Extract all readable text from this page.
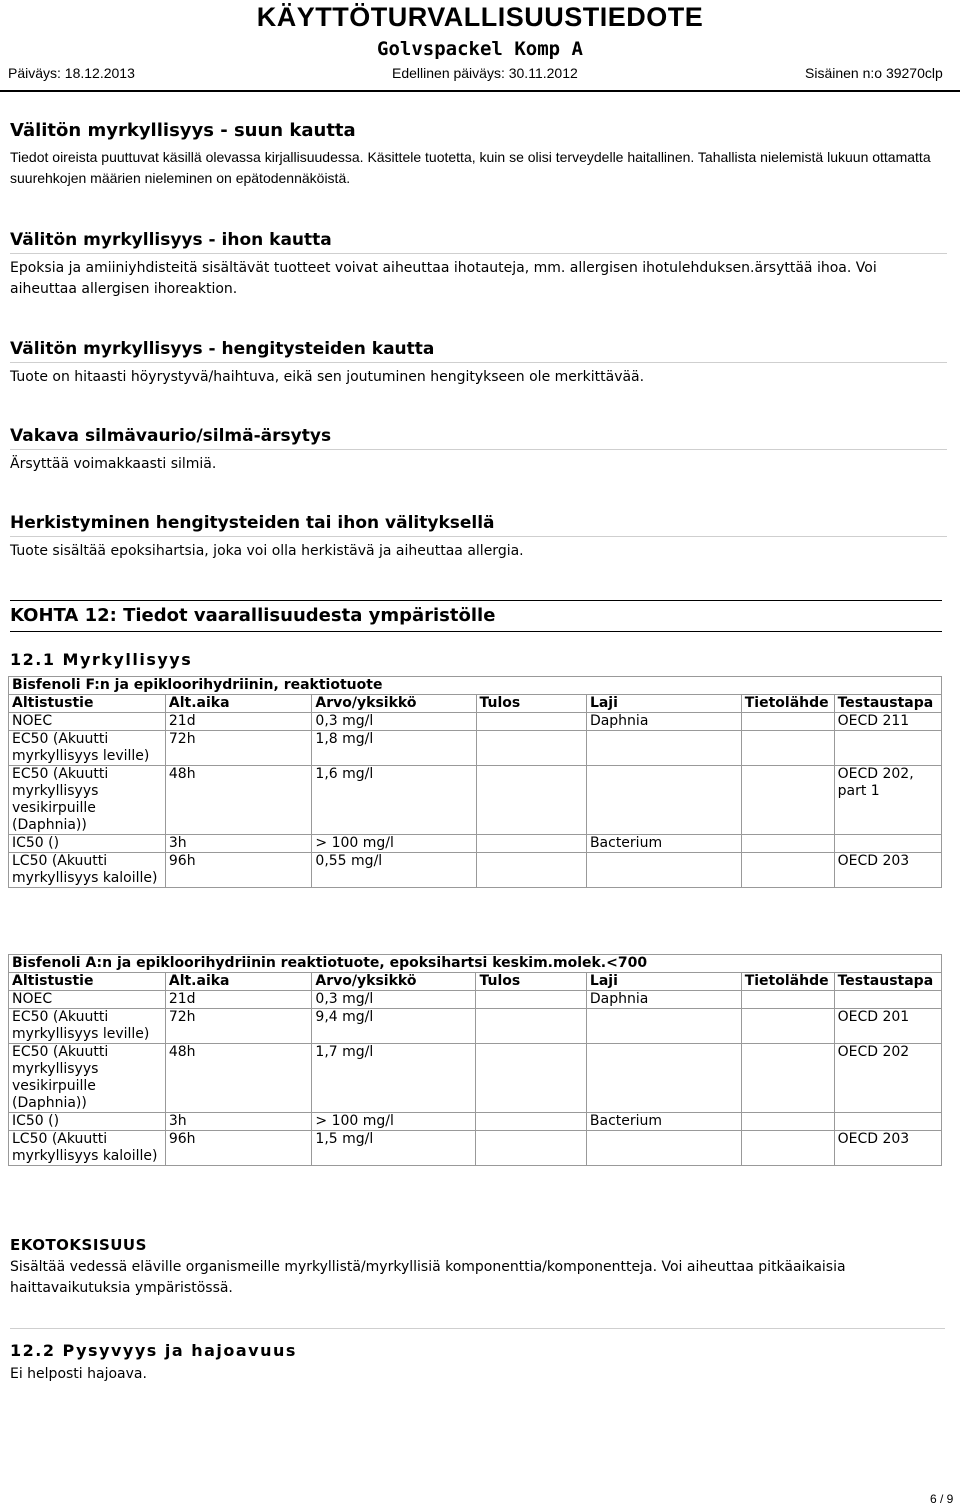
KÄYTTÖTURVALLISUUSTIEDOTE
Golvspackel Komp A
Päiväys: 18.12.2013	Edellinen päiväys: 30.11.2012	Sisäinen n:o 39270clp
Välitön myrkyllisyys - suun kautta

Tiedot oireista puuttuvat käsillä olevassa kirjallisuudessa. Käsittele tuotetta, kuin se olisi terveydelle haitallinen. Tahallista nielemistä lukuun ottamatta suurehkojen määrien nieleminen on epätodennäköistä.

Välitön myrkyllisyys - ihon kautta

Epoksia ja amiiniyhdisteitä sisältävät tuotteet voivat aiheuttaa ihotauteja, mm. allergisen ihotulehduksen.ärsyttää ihoa. Voi aiheuttaa allergisen ihoreaktion.

Välitön myrkyllisyys - hengitysteiden kautta

Tuote on hitaasti höyrystyvä/haihtuva, eikä sen joutuminen hengitykseen ole merkittävää.

Vakava silmävaurio/silmä-ärsytys

Ärsyttää voimakkaasti silmiä.

Herkistyminen hengitysteiden tai ihon välityksellä

Tuote sisältää epoksihartsia, joka voi olla herkistävä ja aiheuttaa allergia.

KOHTA 12: Tiedot vaarallisuudesta ympäristölle
12.1 Myrkyllisyys
Bisfenoli F:n ja epikloorihydriinin, reaktiotuote						
Altistustie	Alt.aika	Arvo/yksikkö	Tulos	Laji	Tietolähde	Testaustapa
NOEC	21d	0,3 mg/l		Daphnia		OECD 211
EC50 (Akuutti myrkyllisyys leville)	72h	1,8 mg/l				
EC50 (Akuutti myrkyllisyys vesikirpuille (Daphnia))	48h	1,6 mg/l				OECD 202, part 1
IC50 ()	3h	> 100 mg/l		Bacterium		
LC50 (Akuutti myrkyllisyys kaloille)	96h	0,55 mg/l				OECD 203
Bisfenoli A:n ja epikloorihydriinin reaktiotuote, epoksihartsi keskim.molek.<700						
Altistustie	Alt.aika	Arvo/yksikkö	Tulos	Laji	Tietolähde	Testaustapa
NOEC	21d	0,3 mg/l		Daphnia		
EC50 (Akuutti myrkyllisyys leville)	72h	9,4 mg/l				OECD 201
EC50 (Akuutti myrkyllisyys vesikirpuille (Daphnia))	48h	1,7 mg/l				OECD 202
IC50 ()	3h	> 100 mg/l		Bacterium		
LC50 (Akuutti myrkyllisyys kaloille)	96h	1,5 mg/l				OECD 203
EKOTOKSISUUS

Sisältää vedessä eläville organismeille myrkyllistä/myrkyllisiä komponenttia/komponentteja. Voi aiheuttaa pitkäaikaisia haittavaikutuksia ympäristössä.

12.2 Pysyvyys ja hajoavuus

Ei helposti hajoava.

6 / 9
